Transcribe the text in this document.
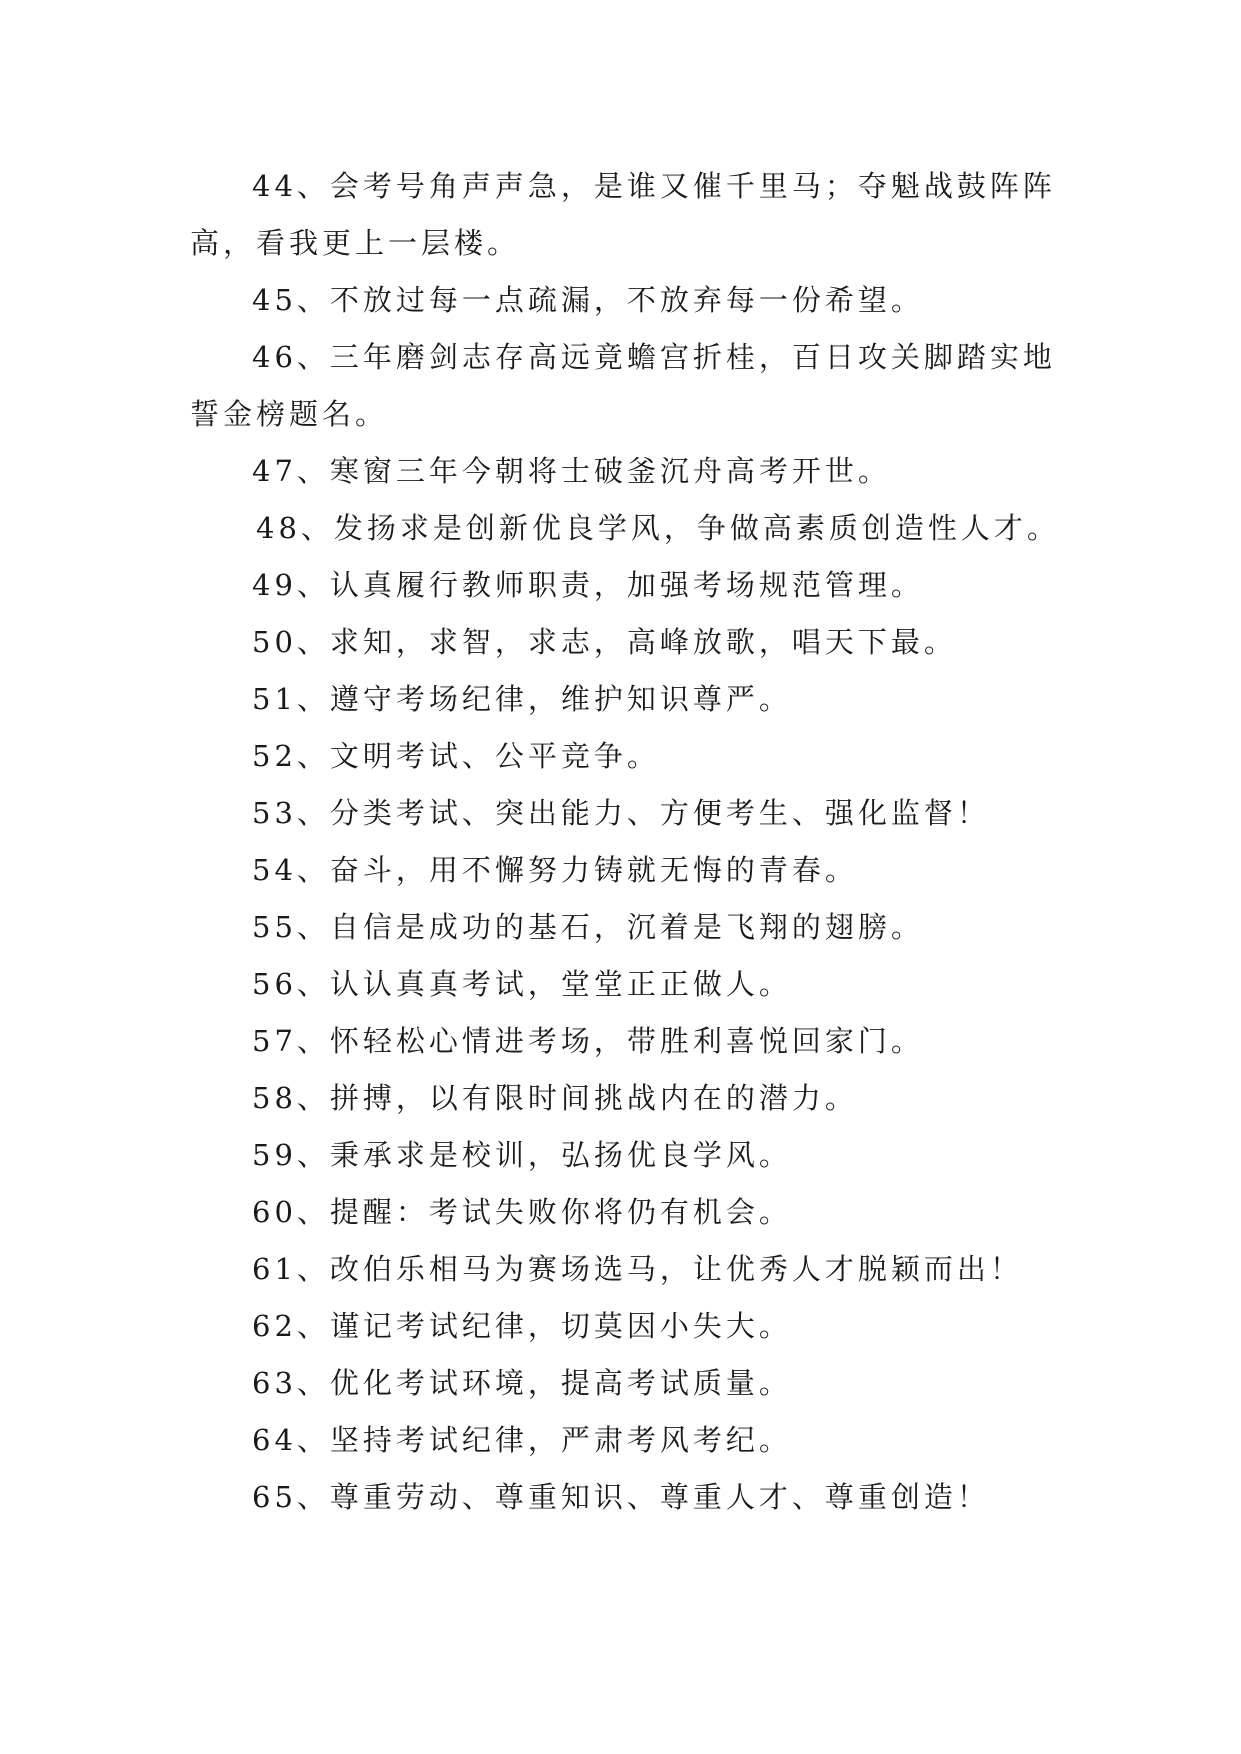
44、会考号角声声急，是谁又催千里马；夺魁战鼓阵阵高，看我更上一层楼。

45、不放过每一点疏漏，不放弃每一份希望。

46、三年磨剑志存高远竟蟾宫折桂，百日攻关脚踏实地誓金榜题名。

47、寒窗三年今朝将士破釜沉舟高考开世。

48、发扬求是创新优良学风，争做高素质创造性人才。

49、认真履行教师职责，加强考场规范管理。

50、求知，求智，求志，高峰放歌，唱天下最。

51、遵守考场纪律，维护知识尊严。

52、文明考试、公平竞争。

53、分类考试、突出能力、方便考生、强化监督！

54、奋斗，用不懈努力铸就无悔的青春。

55、自信是成功的基石，沉着是飞翔的翅膀。

56、认认真真考试，堂堂正正做人。

57、怀轻松心情进考场，带胜利喜悦回家门。

58、拼搏，以有限时间挑战内在的潜力。

59、秉承求是校训，弘扬优良学风。

60、提醒：考试失败你将仍有机会。

61、改伯乐相马为赛场选马，让优秀人才脱颖而出！

62、谨记考试纪律，切莫因小失大。

63、优化考试环境，提高考试质量。

64、坚持考试纪律，严肃考风考纪。

65、尊重劳动、尊重知识、尊重人才、尊重创造！
